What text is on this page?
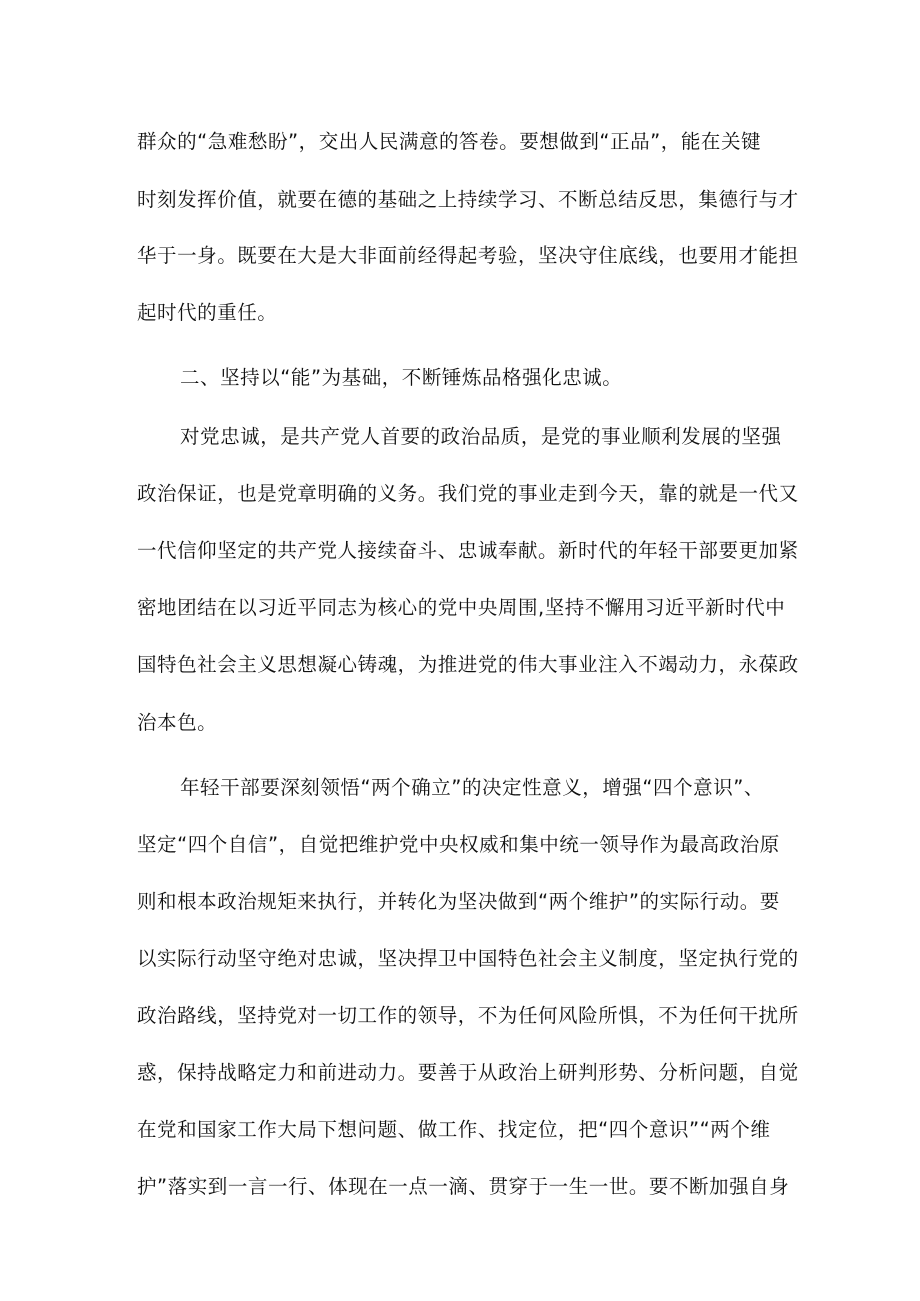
群众的“急难愁盼”，交出人民满意的答卷。要想做到“正品”，能在关键
时刻发挥价值，就要在德的基础之上持续学习、不断总结反思，集德行与才
华于一身。既要在大是大非面前经得起考验，坚决守住底线，也要用才能担
起时代的重任。
二、坚持以“能”为基础，不断锤炼品格强化忠诚。
对党忠诚，是共产党人首要的政治品质，是党的事业顺利发展的坚强
政治保证，也是党章明确的义务。我们党的事业走到今天，靠的就是一代又
一代信仰坚定的共产党人接续奋斗、忠诚奉献。新时代的年轻干部要更加紧
密地团结在以习近平同志为核心的党中央周围,坚持不懈用习近平新时代中
国特色社会主义思想凝心铸魂，为推进党的伟大事业注入不竭动力，永葆政
治本色。
年轻干部要深刻领悟“两个确立”的决定性意义，增强“四个意识”、
坚定“四个自信”，自觉把维护党中央权威和集中统一领导作为最高政治原
则和根本政治规矩来执行，并转化为坚决做到“两个维护”的实际行动。要
以实际行动坚守绝对忠诚，坚决捍卫中国特色社会主义制度，坚定执行党的
政治路线，坚持党对一切工作的领导，不为任何风险所惧，不为任何干扰所
惑，保持战略定力和前进动力。要善于从政治上研判形势、分析问题，自觉
在党和国家工作大局下想问题、做工作、找定位，把“四个意识”“两个维
护”落实到一言一行、体现在一点一滴、贯穿于一生一世。要不断加强自身
